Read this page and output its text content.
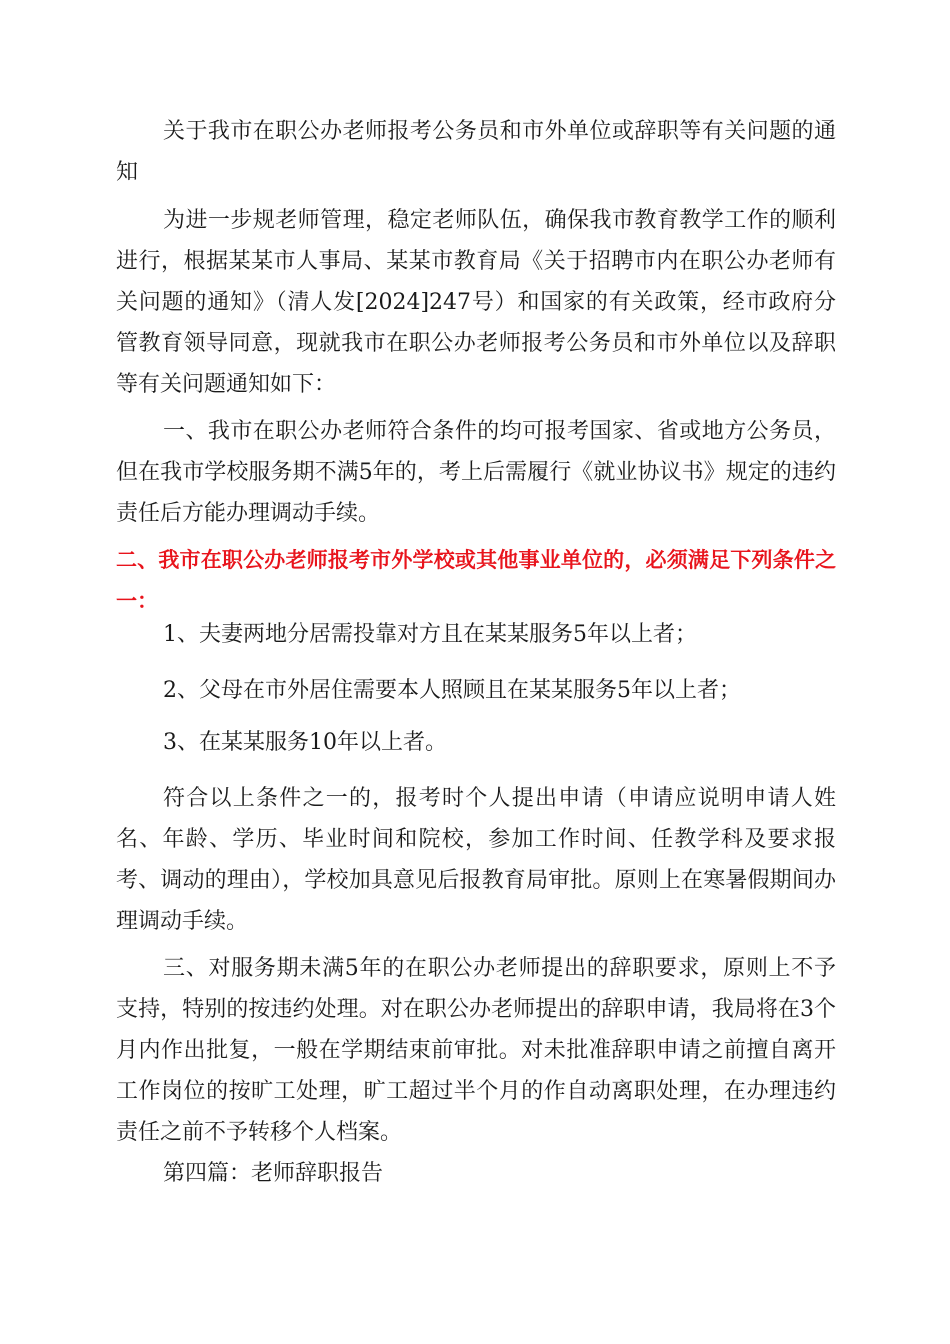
关于我市在职公办老师报考公务员和市外单位或辞职等有关问题的通知

为进一步规老师管理，稳定老师队伍，确保我市教育教学工作的顺利进行，根据某某市人事局、某某市教育局《关于招聘市内在职公办老师有关问题的通知》（清人发[2024]247号）和国家的有关政策，经市政府分管教育领导同意，现就我市在职公办老师报考公务员和市外单位以及辞职等有关问题通知如下：

一、我市在职公办老师符合条件的均可报考国家、省或地方公务员，但在我市学校服务期不满5年的，考上后需履行《就业协议书》规定的违约责任后方能办理调动手续。

二、我市在职公办老师报考市外学校或其他事业单位的，必须满足下列条件之一：

1、夫妻两地分居需投靠对方且在某某服务5年以上者；

2、父母在市外居住需要本人照顾且在某某服务5年以上者；

3、在某某服务10年以上者。

符合以上条件之一的，报考时个人提出申请（申请应说明申请人姓名、年龄、学历、毕业时间和院校，参加工作时间、任教学科及要求报考、调动的理由），学校加具意见后报教育局审批。原则上在寒暑假期间办理调动手续。

三、对服务期未满5年的在职公办老师提出的辞职要求，原则上不予支持，特别的按违约处理。对在职公办老师提出的辞职申请，我局将在3个月内作出批复，一般在学期结束前审批。对未批准辞职申请之前擅自离开工作岗位的按旷工处理，旷工超过半个月的作自动离职处理，在办理违约责任之前不予转移个人档案。

第四篇：老师辞职报告
